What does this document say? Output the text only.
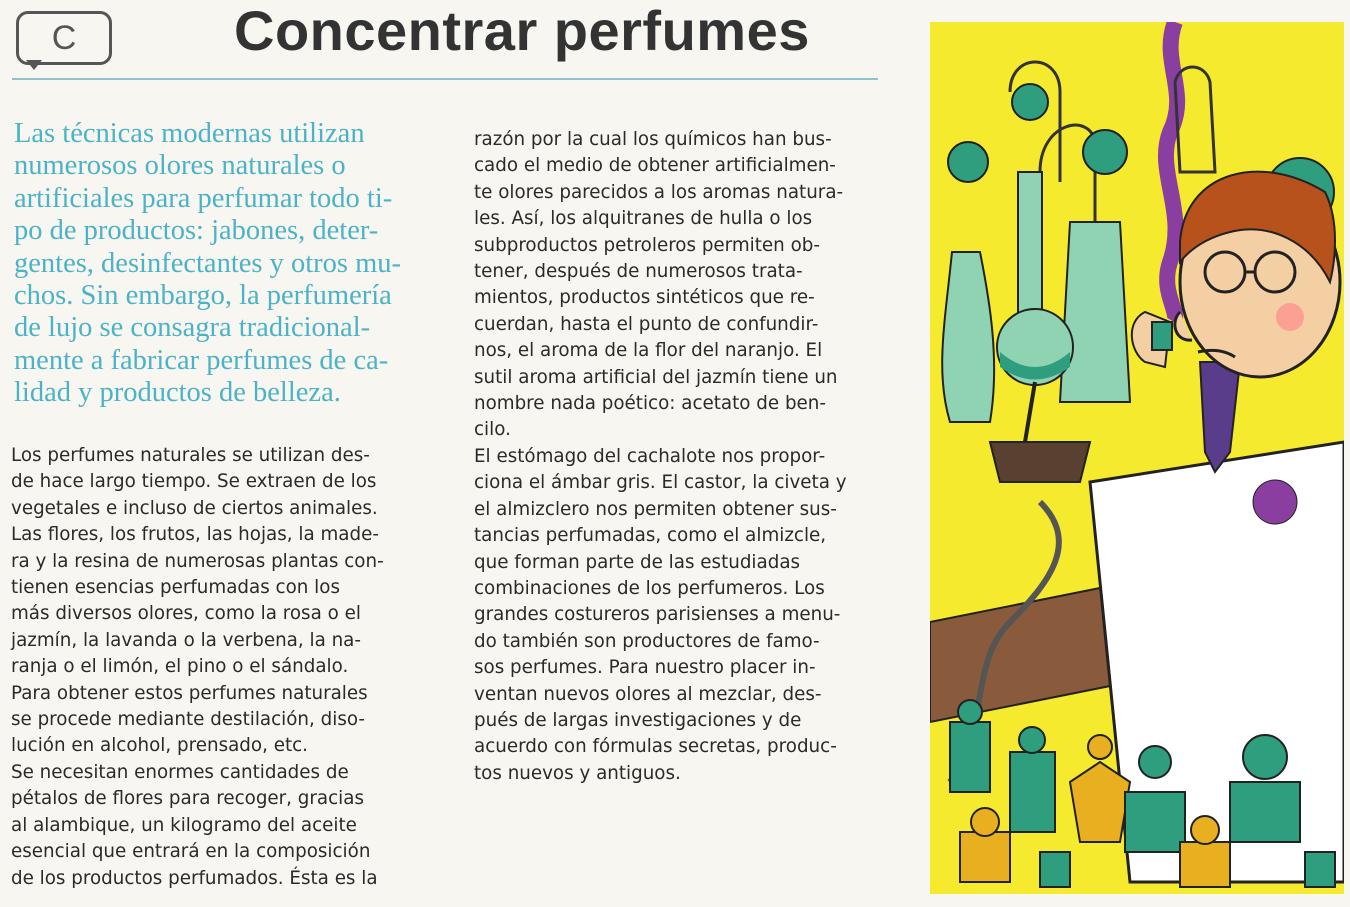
C	Concentrar perfumes
Las técnicas modernas utilizan
numerosos olores naturales o
artificiales para perfumar todo ti-
po de productos: jabones, deter-
gentes, desinfectantes y otros mu-
chos. Sin embargo, la perfumería
de lujo se consagra tradicional-
mente a fabricar perfumes de ca-
lidad y productos de belleza.
Los perfumes naturales se utilizan des-
de hace largo tiempo. Se extraen de los
vegetales e incluso de ciertos animales.
Las flores, los frutos, las hojas, la made-
ra y la resina de numerosas plantas con-
tienen esencias perfumadas con los
más diversos olores, como la rosa o el
jazmín, la lavanda o la verbena, la na-
ranja o el limón, el pino o el sándalo.
Para obtener estos perfumes naturales
se procede mediante destilación, diso-
lución en alcohol, prensado, etc.
Se necesitan enormes cantidades de
pétalos de flores para recoger, gracias
al alambique, un kilogramo del aceite
esencial que entrará en la composición
de los productos perfumados. Ésta es la
razón por la cual los químicos han bus-
cado el medio de obtener artificialmen-
te olores parecidos a los aromas natura-
les. Así, los alquitranes de hulla o los
subproductos petroleros permiten ob-
tener, después de numerosos trata-
mientos, productos sintéticos que re-
cuerdan, hasta el punto de confundir-
nos, el aroma de la flor del naranjo. El
sutil aroma artificial del jazmín tiene un
nombre nada poético: acetato de ben-
cilo.
El estómago del cachalote nos propor-
ciona el ámbar gris. El castor, la civeta y
el almizclero nos permiten obtener sus-
tancias perfumadas, como el almizcle,
que forman parte de las estudiadas
combinaciones de los perfumeros. Los
grandes costureros parisienses a menu-
do también son productores de famo-
sos perfumes. Para nuestro placer in-
ventan nuevos olores al mezclar, des-
pués de largas investigaciones y de
acuerdo con fórmulas secretas, produc-
tos nuevos y antiguos.
